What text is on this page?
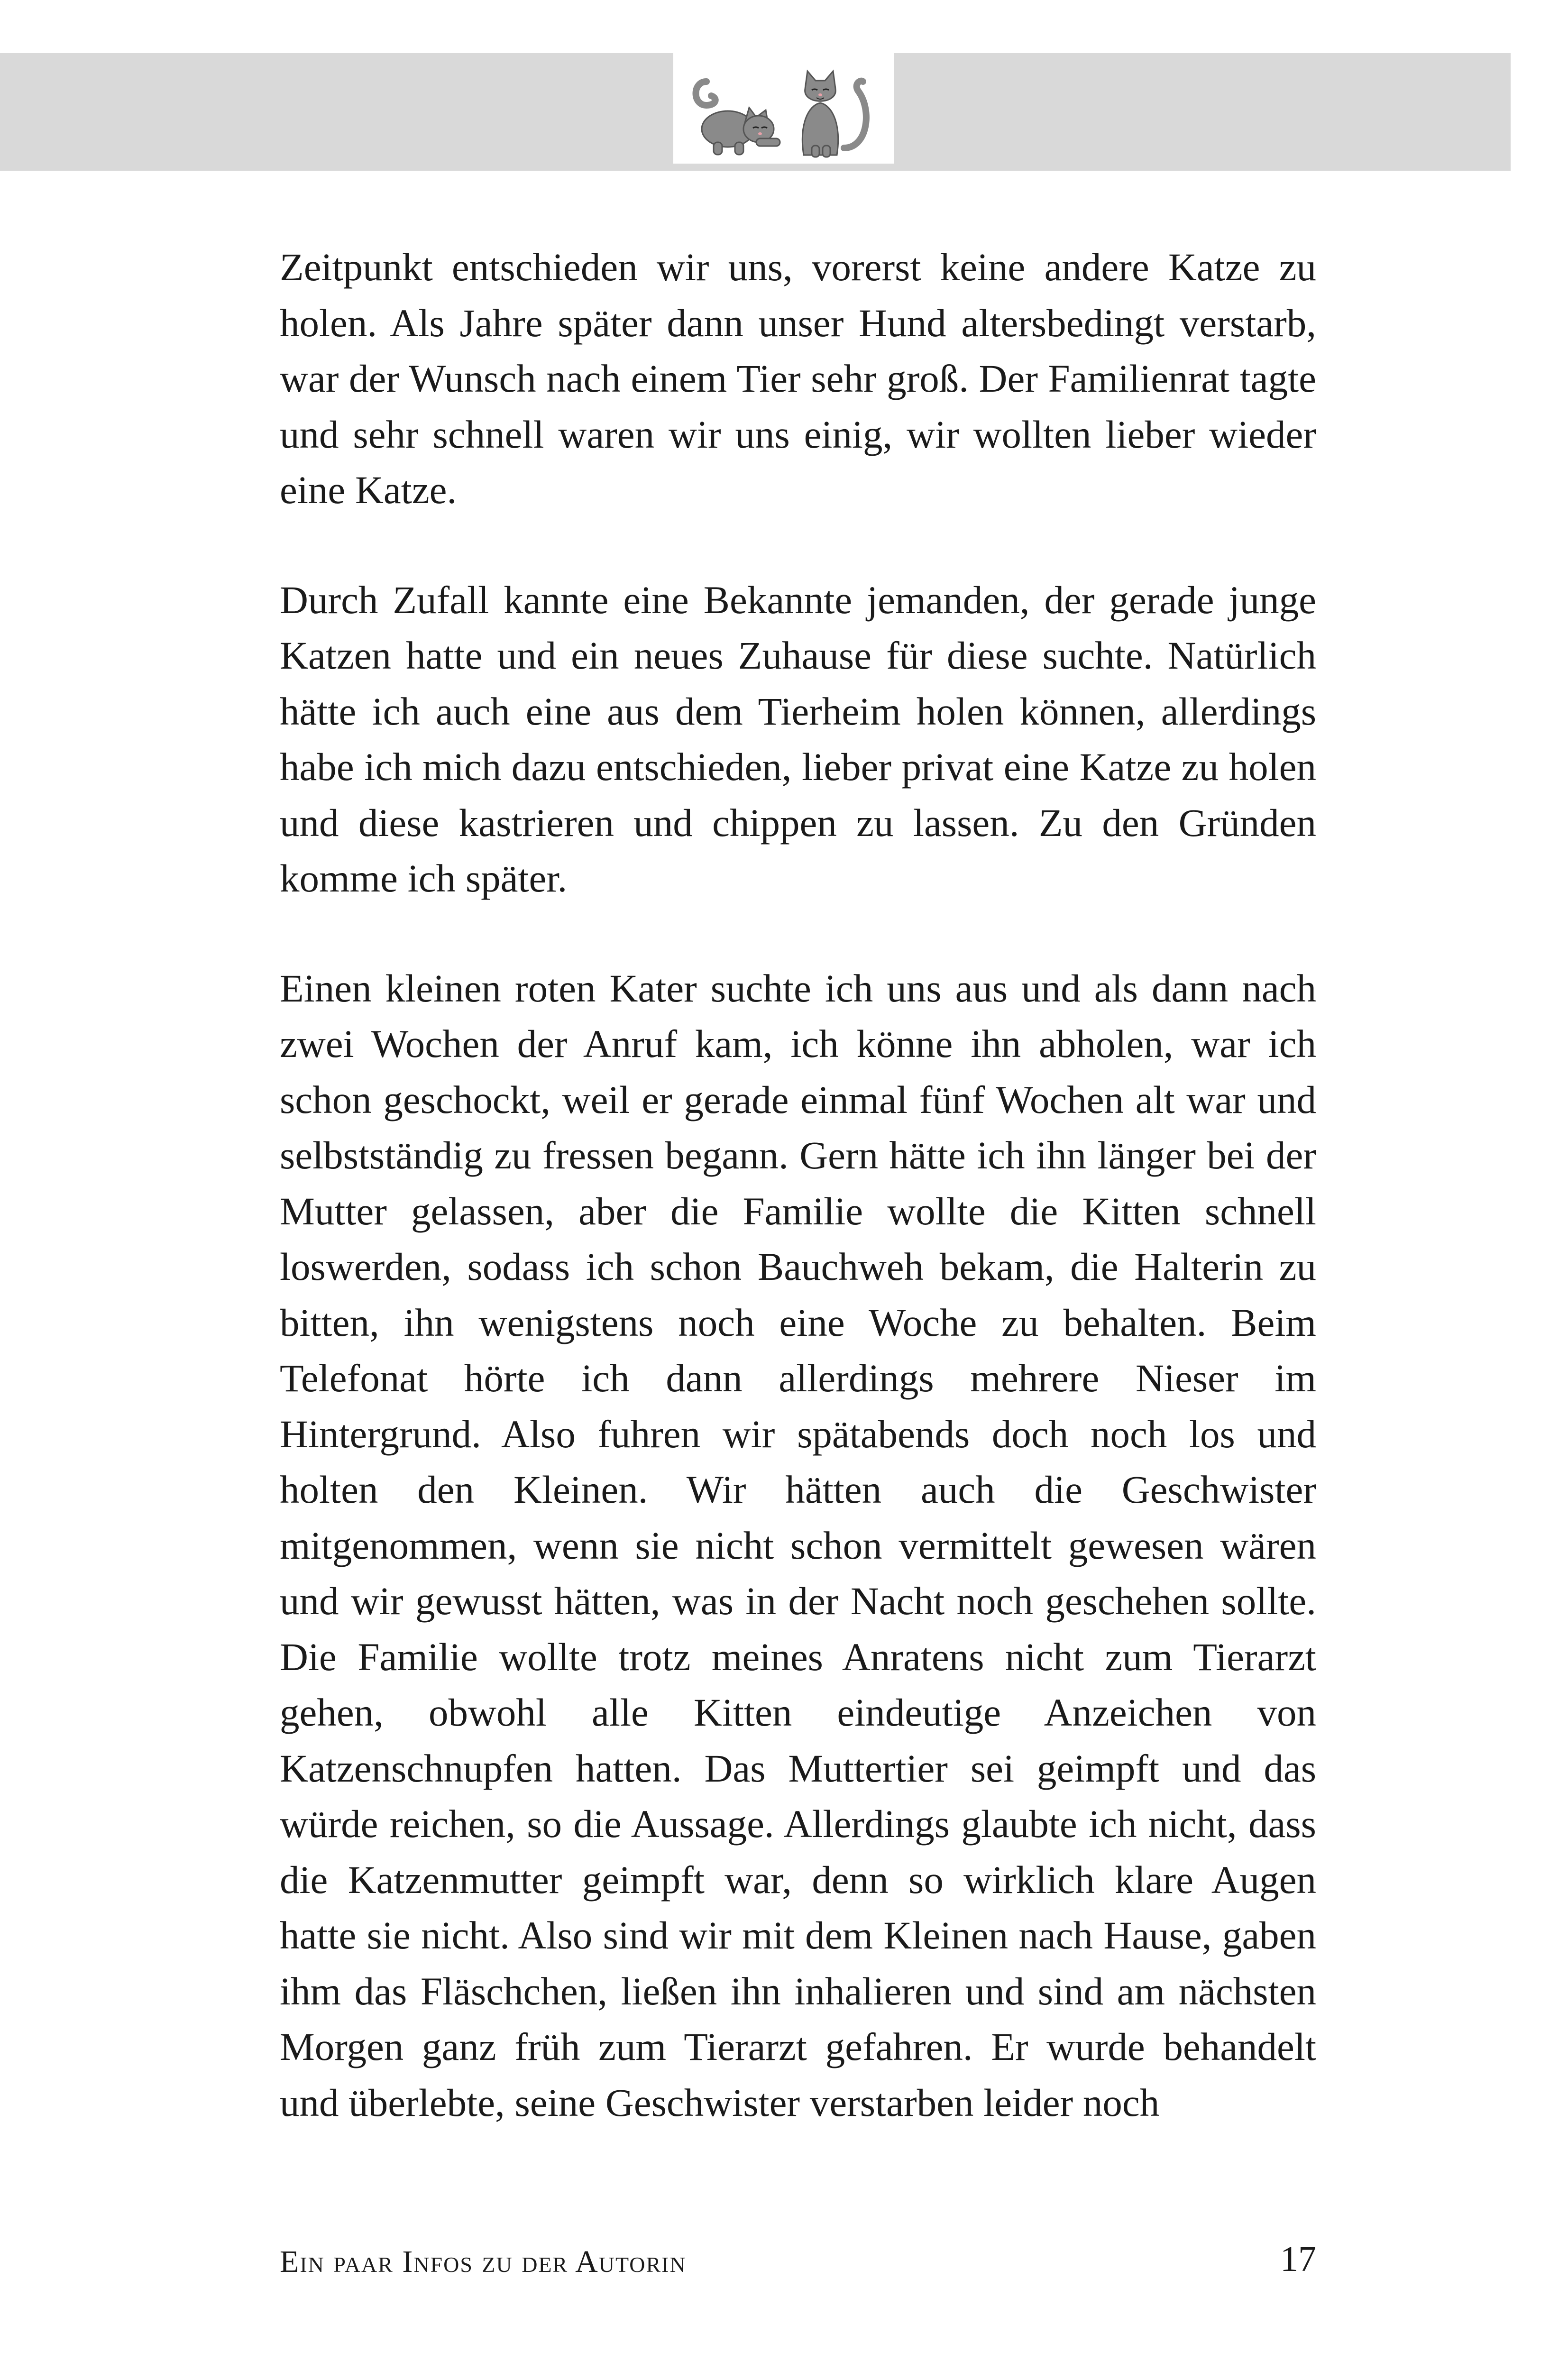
Zeitpunkt entschieden wir uns, vorerst keine andere Katze zu holen. Als Jahre später dann unser Hund altersbedingt verstarb, war der Wunsch nach einem Tier sehr groß. Der Familienrat tagte und sehr schnell waren wir uns einig, wir wollten lieber wieder eine Katze.

Durch Zufall kannte eine Bekannte jemanden, der gerade junge Katzen hatte und ein neues Zuhause für diese suchte. Natürlich hätte ich auch eine aus dem Tierheim holen können, allerdings habe ich mich dazu entschieden, lieber privat eine Katze zu holen und diese kastrieren und chippen zu lassen. Zu den Gründen komme ich später.

Einen kleinen roten Kater suchte ich uns aus und als dann nach zwei Wochen der Anruf kam, ich könne ihn abholen, war ich schon geschockt, weil er gerade einmal fünf Wochen alt war und selbstständig zu fressen begann. Gern hätte ich ihn länger bei der Mutter gelassen, aber die Familie wollte die Kitten schnell loswerden, sodass ich schon Bauchweh bekam, die Halterin zu bitten, ihn wenigstens noch eine Woche zu behalten. Beim Telefonat hörte ich dann allerdings mehrere Nieser im Hintergrund. Also fuhren wir spätabends doch noch los und holten den Kleinen. Wir hätten auch die Geschwister mitgenommen, wenn sie nicht schon vermittelt gewesen wären und wir gewusst hätten, was in der Nacht noch geschehen sollte. Die Familie wollte trotz meines Anratens nicht zum Tierarzt gehen, obwohl alle Kitten eindeutige Anzeichen von Katzenschnupfen hatten. Das Muttertier sei geimpft und das würde reichen, so die Aussage. Allerdings glaubte ich nicht, dass die Katzenmutter geimpft war, denn so wirklich klare Augen hatte sie nicht. Also sind wir mit dem Kleinen nach Hause, gaben ihm das Fläschchen, ließen ihn inhalieren und sind am nächsten Morgen ganz früh zum Tierarzt gefahren. Er wurde behandelt und überlebte, seine Geschwister verstarben leider noch

Ein paar Infos zu der Autorin	17
